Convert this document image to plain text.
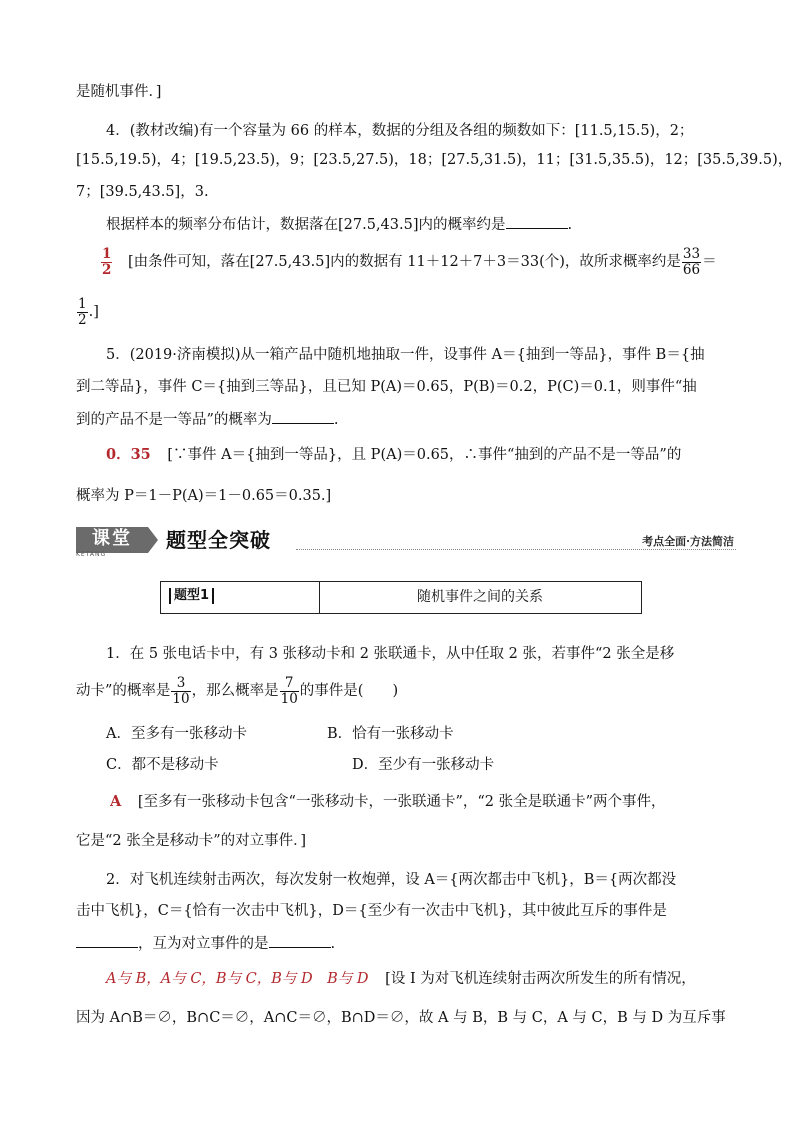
是随机事件．]
4．(教材改编)有一个容量为 66 的样本，数据的分组及各组的频数如下：[11.5,15.5)，2；
[15.5,19.5)，4；[19.5,23.5)，9；[23.5,27.5)，18；[27.5,31.5)，11；[31.5,35.5)，12；[35.5,39.5)，
7；[39.5,43.5]，3.
根据样本的频率分布估计，数据落在[27.5,43.5]内的概率约是	.
$\frac{1}{2}$ [由条件可知，落在[27.5,43.5]内的数据有 11＋12＋7＋3＝33(个)，故所求概率约是 $\frac{33}{66}$ ＝
$\frac{1}{2}$ .]
5．(2019·济南模拟)从一箱产品中随机地抽取一件，设事件 A＝{抽到一等品}，事件 B＝{抽
到二等品}，事件 C＝{抽到三等品}，且已知 P(A)＝0.65，P(B)＝0.2，P(C)＝0.1，则事件“抽
到的产品不是一等品”的概率为	.
0．35 [∵事件 A＝{抽到一等品}，且 P(A)＝0.65，∴事件“抽到的产品不是一等品”的
概率为 P＝1－P(A)＝1－0.65＝0.35.]
课堂
KETANG
题型全突破	考点全面·方法简洁
题型1	随机事件之间的关系
1．在 5 张电话卡中，有 3 张移动卡和 2 张联通卡，从中任取 2 张，若事件“2 张全是移
动卡”的概率是 $\frac{3}{10}$ ，那么概率是 $\frac{7}{10}$ 的事件是(　　)
A．至多有一张移动卡	B．恰有一张移动卡
C．都不是移动卡	D．至少有一张移动卡
A [至多有一张移动卡包含“一张移动卡，一张联通卡”，“2 张全是联通卡”两个事件，
它是“2 张全是移动卡”的对立事件．]
2．对飞机连续射击两次，每次发射一枚炮弹，设 A＝{两次都击中飞机}，B＝{两次都没
击中飞机}，C＝{恰有一次击中飞机}，D＝{至少有一次击中飞机}，其中彼此互斥的事件是
，互为对立事件的是	.
A与 B，A与 C，B与 C，B与 D　B与 D [设 I 为对飞机连续射击两次所发生的所有情况，
因为 A∩B＝∅，B∩C＝∅，A∩C＝∅，B∩D＝∅，故 A 与 B，B 与 C，A 与 C，B 与 D 为互斥事
